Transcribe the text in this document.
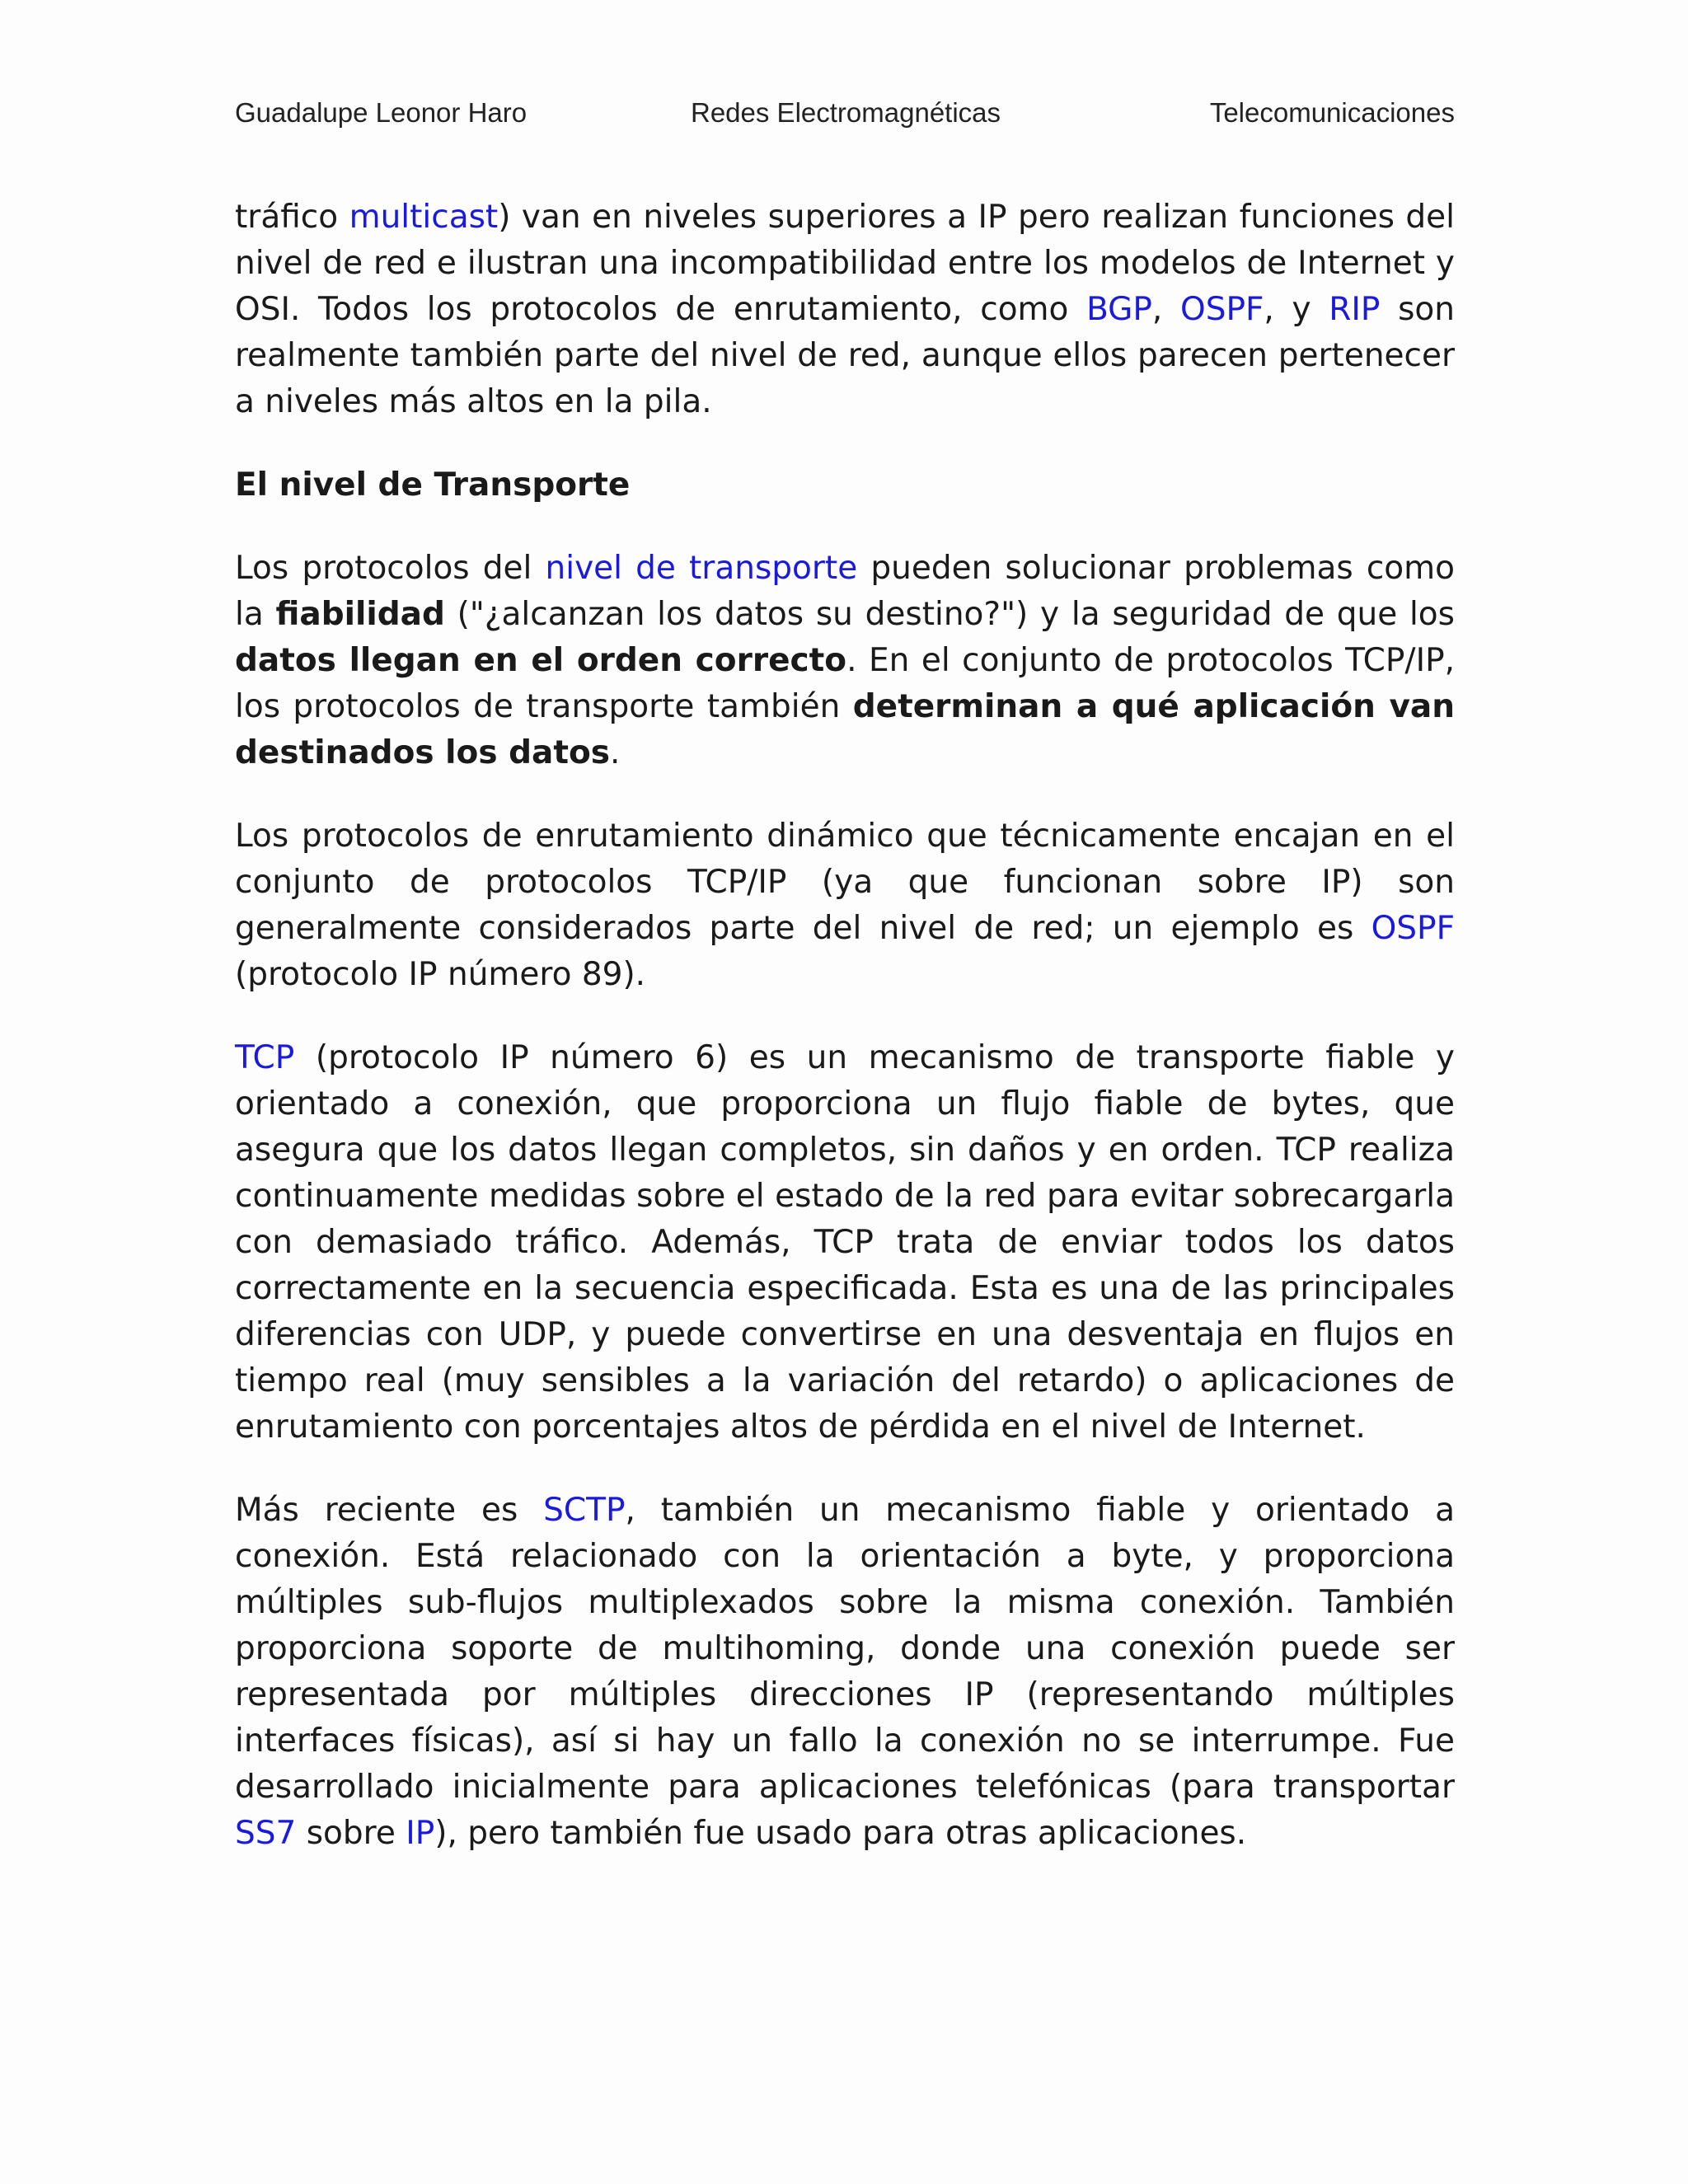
Guadalupe Leonor Haro	Redes Electromagnéticas	Telecomunicaciones

tráfico multicast) van en niveles superiores a IP pero realizan funciones del nivel de red e ilustran una incompatibilidad entre los modelos de Internet y OSI. Todos los protocolos de enrutamiento, como BGP, OSPF, y RIP son realmente también parte del nivel de red, aunque ellos parecen pertenecer a niveles más altos en la pila.

El nivel de Transporte

Los protocolos del nivel de transporte pueden solucionar problemas como la fiabilidad ("¿alcanzan los datos su destino?") y la seguridad de que los datos llegan en el orden correcto. En el conjunto de protocolos TCP/IP, los protocolos de transporte también determinan a qué aplicación van destinados los datos.

Los protocolos de enrutamiento dinámico que técnicamente encajan en el conjunto de protocolos TCP/IP (ya que funcionan sobre IP) son generalmente considerados parte del nivel de red; un ejemplo es OSPF (protocolo IP número 89).

TCP (protocolo IP número 6) es un mecanismo de transporte fiable y orientado a conexión, que proporciona un flujo fiable de bytes, que asegura que los datos llegan completos, sin daños y en orden. TCP realiza continuamente medidas sobre el estado de la red para evitar sobrecargarla con demasiado tráfico. Además, TCP trata de enviar todos los datos correctamente en la secuencia especificada. Esta es una de las principales diferencias con UDP, y puede convertirse en una desventaja en flujos en tiempo real (muy sensibles a la variación del retardo) o aplicaciones de enrutamiento con porcentajes altos de pérdida en el nivel de Internet.

Más reciente es SCTP, también un mecanismo fiable y orientado a conexión. Está relacionado con la orientación a byte, y proporciona múltiples sub-flujos multiplexados sobre la misma conexión. También proporciona soporte de multihoming, donde una conexión puede ser representada por múltiples direcciones IP (representando múltiples interfaces físicas), así si hay un fallo la conexión no se interrumpe. Fue desarrollado inicialmente para aplicaciones telefónicas (para transportar SS7 sobre IP), pero también fue usado para otras aplicaciones.
